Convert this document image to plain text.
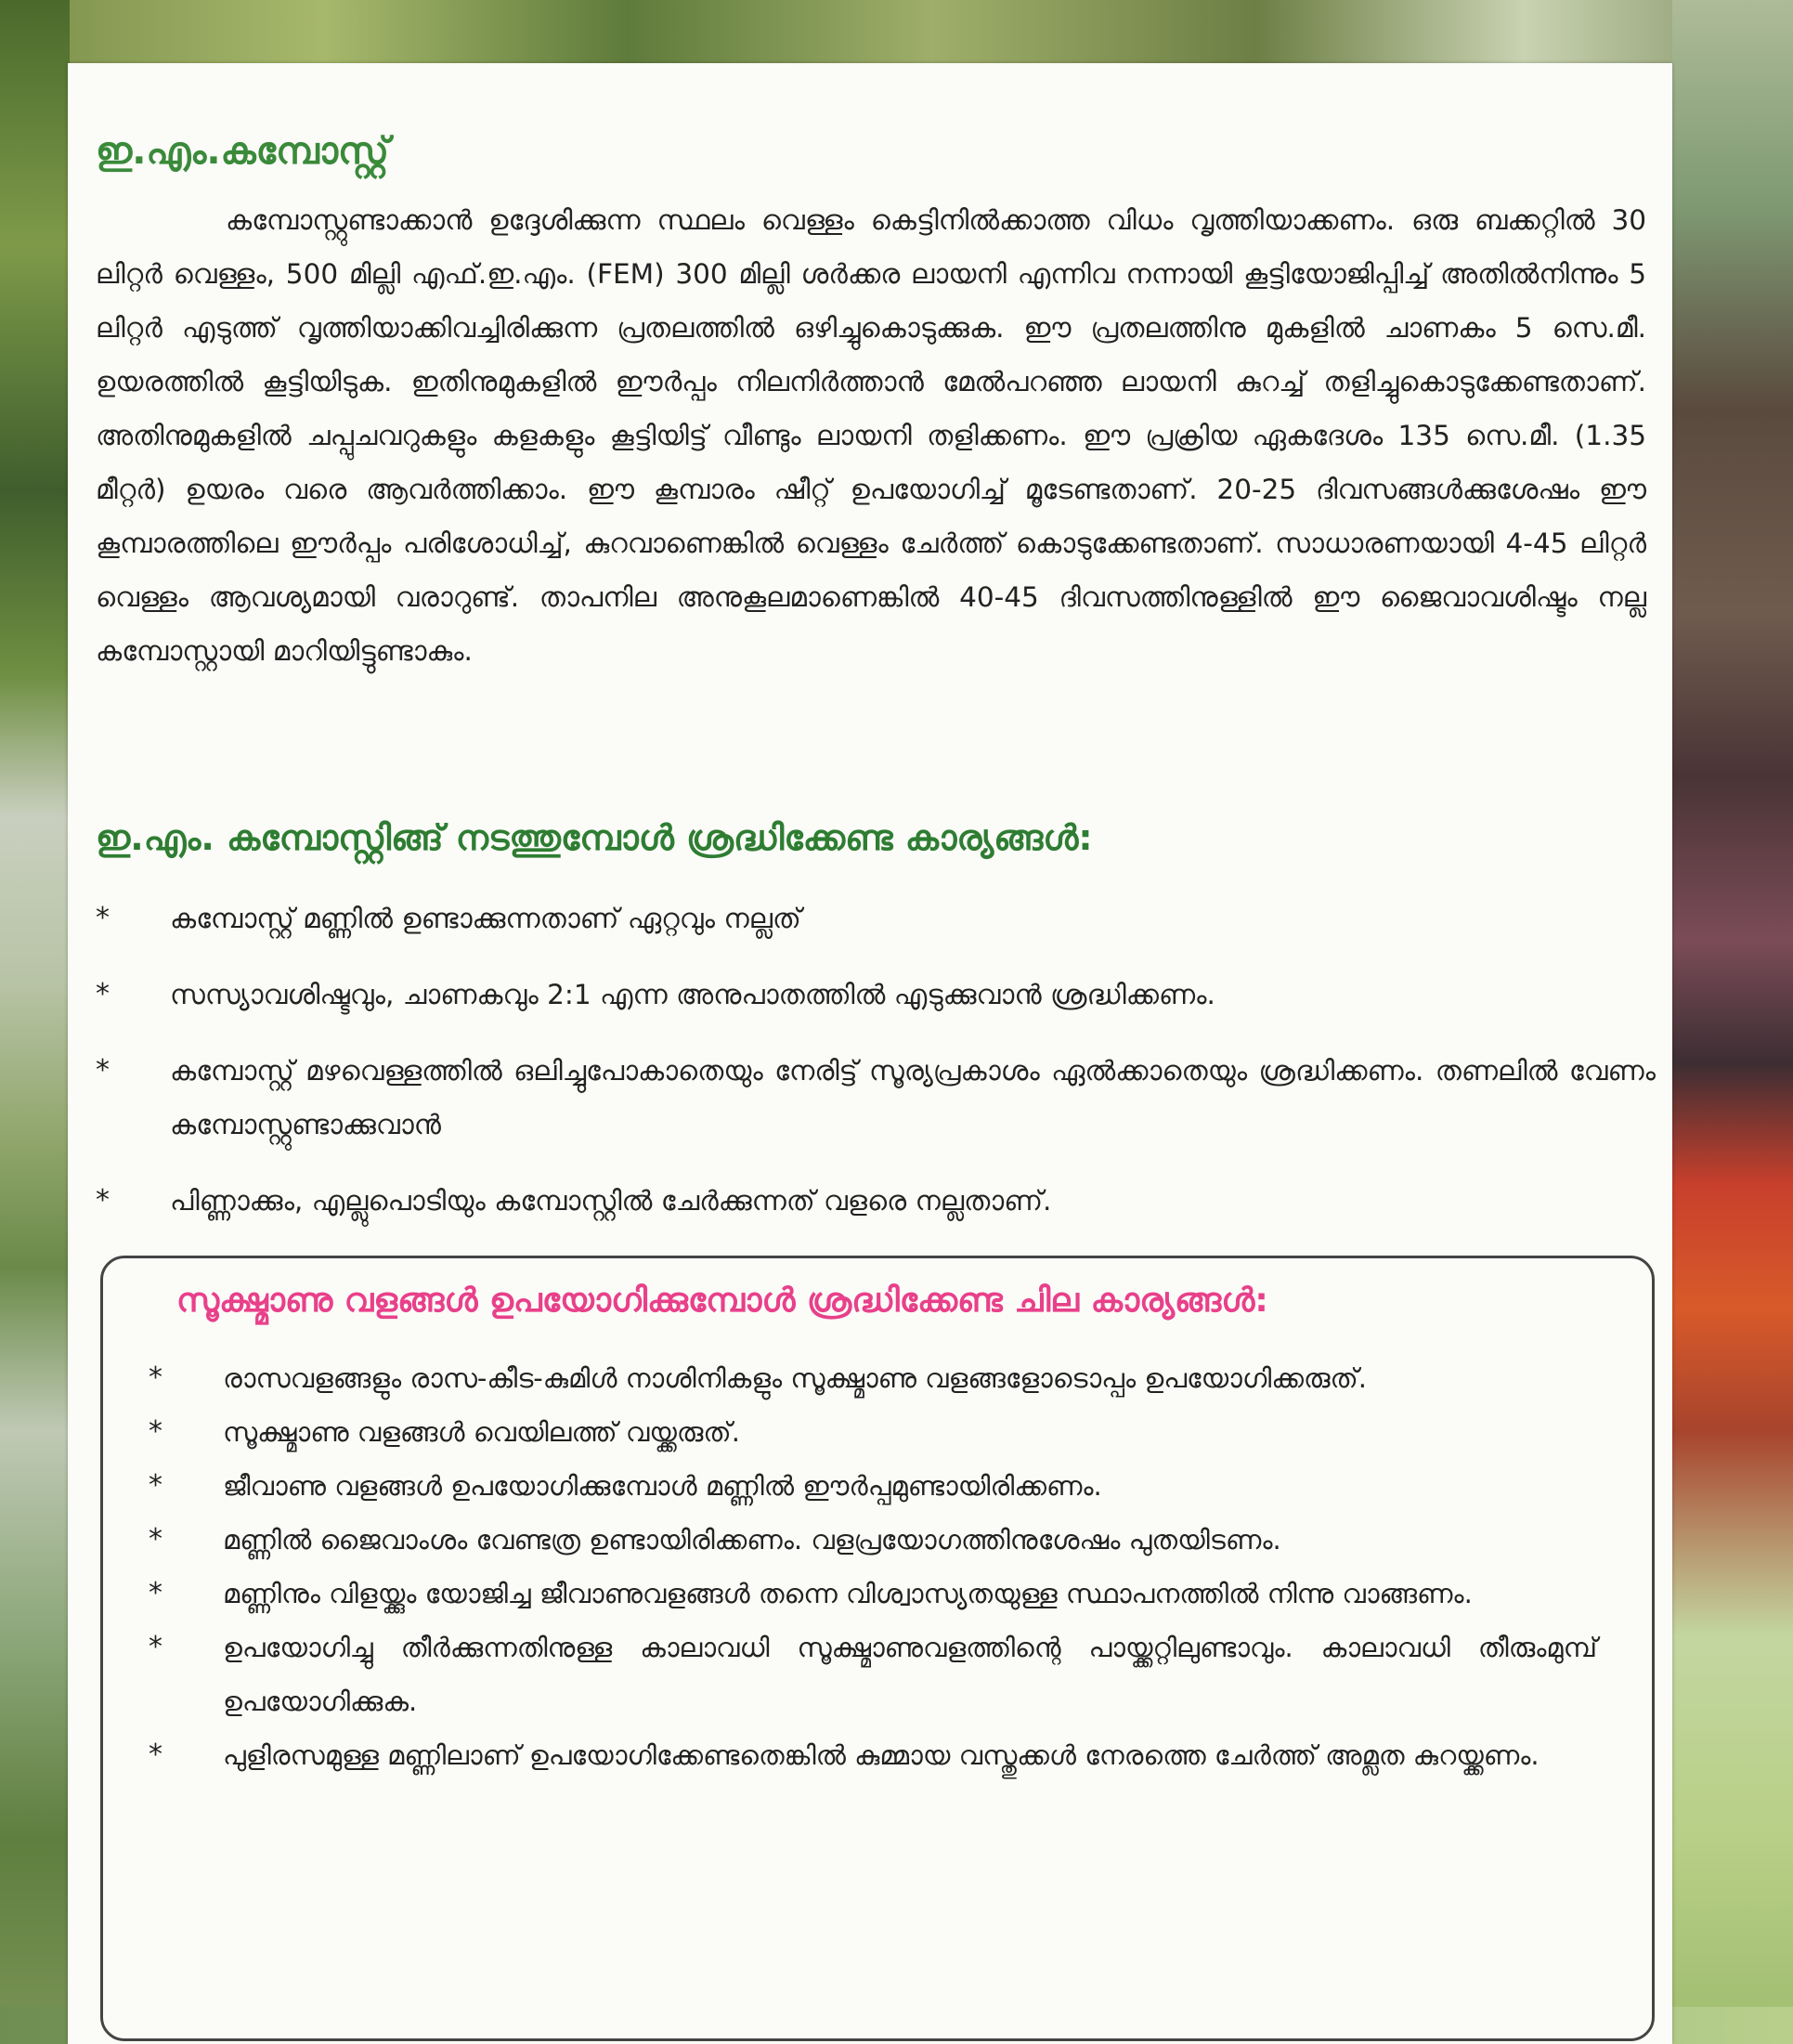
ഇ.എം.കമ്പോസ്റ്റ്

കമ്പോസ്റ്റുണ്ടാക്കാൻ ഉദ്ദേശിക്കുന്ന സ്ഥലം വെള്ളം കെട്ടിനിൽക്കാത്ത വിധം വൃത്തിയാക്കണം. ഒരു ബക്കറ്റിൽ 30 ലിറ്റർ വെള്ളം, 500 മില്ലി എഫ്.ഇ.എം. (FEM) 300 മില്ലി ശർക്കര ലായനി എന്നിവ നന്നായി കൂട്ടിയോജിപ്പിച്ച് അതിൽനിന്നും 5 ലിറ്റർ എടുത്ത് വൃത്തിയാക്കിവച്ചിരിക്കുന്ന പ്രതലത്തിൽ ഒഴിച്ചുകൊടുക്കുക. ഈ പ്രതലത്തിനു മുകളിൽ ചാണകം 5 സെ.മീ. ഉയരത്തിൽ കൂട്ടിയിടുക. ഇതിനുമുകളിൽ ഈർപ്പം നിലനിർത്താൻ മേൽപറഞ്ഞ ലായനി കുറച്ച് തളിച്ചുകൊടുക്കേണ്ടതാണ്. അതിനുമുകളിൽ ചപ്പുചവറുകളും കളകളും കൂട്ടിയിട്ട് വീണ്ടും ലായനി തളിക്കണം. ഈ പ്രക്രിയ ഏകദേശം 135 സെ.മീ. (1.35 മീറ്റർ) ഉയരം വരെ ആവർത്തിക്കാം. ഈ കൂമ്പാരം ഷീറ്റ് ഉപയോഗിച്ച് മൂടേണ്ടതാണ്. 20-25 ദിവസങ്ങൾക്കുശേഷം ഈ കൂമ്പാരത്തിലെ ഈർപ്പം പരിശോധിച്ച്, കുറവാണെങ്കിൽ വെള്ളം ചേർത്ത് കൊടുക്കേണ്ടതാണ്. സാധാരണയായി 4-45 ലിറ്റർ വെള്ളം ആവശ്യമായി വരാറുണ്ട്. താപനില അനുകൂലമാണെങ്കിൽ 40-45 ദിവസത്തിനുള്ളിൽ ഈ ജൈവാവശിഷ്ടം നല്ല കമ്പോസ്റ്റായി മാറിയിട്ടുണ്ടാകും.

ഇ.എം. കമ്പോസ്റ്റിങ്ങ് നടത്തുമ്പോൾ ശ്രദ്ധിക്കേണ്ട കാര്യങ്ങൾ:
*	കമ്പോസ്റ്റ് മണ്ണിൽ ഉണ്ടാക്കുന്നതാണ് ഏറ്റവും നല്ലത്
*	സസ്യാവശിഷ്ടവും, ചാണകവും 2:1 എന്ന അനുപാതത്തിൽ എടുക്കുവാൻ ശ്രദ്ധിക്കണം.
*	കമ്പോസ്റ്റ് മഴവെള്ളത്തിൽ ഒലിച്ചുപോകാതെയും നേരിട്ട് സൂര്യപ്രകാശം ഏൽക്കാതെയും ശ്രദ്ധിക്കണം. തണലിൽ വേണം കമ്പോസ്റ്റുണ്ടാക്കുവാൻ
*	പിണ്ണാക്കും, എല്ലുപൊടിയും കമ്പോസ്റ്റിൽ ചേർക്കുന്നത് വളരെ നല്ലതാണ്.
സൂക്ഷ്മാണു വളങ്ങൾ ഉപയോഗിക്കുമ്പോൾ ശ്രദ്ധിക്കേണ്ട ചില കാര്യങ്ങൾ:
* രാസവളങ്ങളും രാസ-കീട-കുമിൾ നാശിനികളും സൂക്ഷ്മാണു വളങ്ങളോടൊപ്പം ഉപയോഗിക്കരുത്.
* സൂക്ഷ്മാണു വളങ്ങൾ വെയിലത്ത് വയ്ക്കരുത്.
* ജീവാണു വളങ്ങൾ ഉപയോഗിക്കുമ്പോൾ മണ്ണിൽ ഈർപ്പമുണ്ടായിരിക്കണം.
* മണ്ണിൽ ജൈവാംശം വേണ്ടത്ര ഉണ്ടായിരിക്കണം. വളപ്രയോഗത്തിനുശേഷം പുതയിടണം.
* മണ്ണിനും വിളയ്ക്കും യോജിച്ച ജീവാണുവളങ്ങൾ തന്നെ വിശ്വാസ്യതയുള്ള സ്ഥാപനത്തിൽ നിന്നു വാങ്ങണം.
* ഉപയോഗിച്ചു തീർക്കുന്നതിനുള്ള കാലാവധി സൂക്ഷ്മാണുവളത്തിന്റെ പായ്ക്കറ്റിലുണ്ടാവും. കാലാവധി തീരുംമുമ്പ് ഉപയോഗിക്കുക.
* പുളിരസമുള്ള മണ്ണിലാണ് ഉപയോഗിക്കേണ്ടതെങ്കിൽ കുമ്മായ വസ്തുക്കൾ നേരത്തെ ചേർത്ത് അമ്ലത കുറയ്ക്കണം.
